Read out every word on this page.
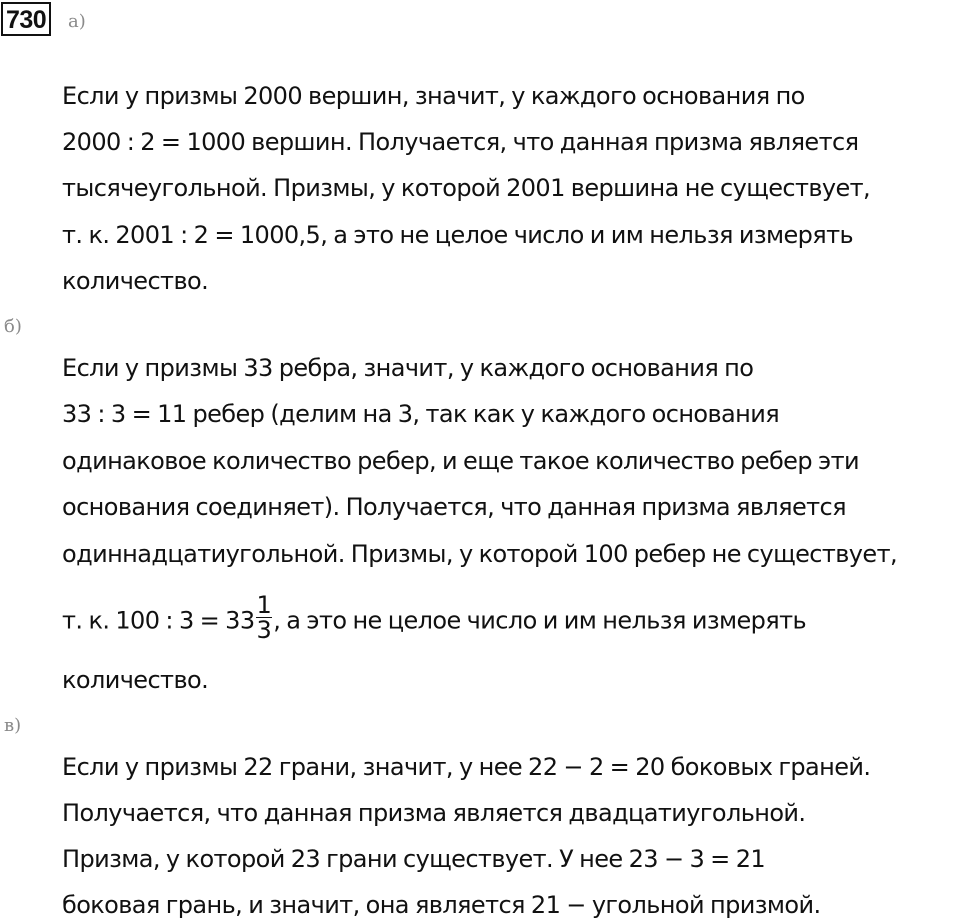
730 а)
Если у призмы 2000 вершин, значит, у каждого основания по
2000 : 2 = 1000 вершин. Получается, что данная призма является
тысячеугольной. Призмы, у которой 2001 вершина не существует,
т. к. 2001 : 2 = 1000,5, а это не целое число и им нельзя измерять
количество.
б)
Если у призмы 33 ребра, значит, у каждого основания по
33 : 3 = 11 ребер (делим на 3, так как у каждого основания
одинаковое количество ребер, и еще такое количество ребер эти
основания соединяет). Получается, что данная призма является
одиннадцатиугольной. Призмы, у которой 100 ребер не существует,
т. к. 100 : $3 = 33 \frac{1}{3}$ , а это не целое число и им нельзя измерять
количество.
в)
Если у призмы 22 грани, значит, у нее 22 − 2 = 20 боковых граней.
Получается, что данная призма является двадцатиугольной.
Призма, у которой 23 грани существует. У нее 23 − 3 = 21
боковая грань, и значит, она является 21 − угольной призмой.
